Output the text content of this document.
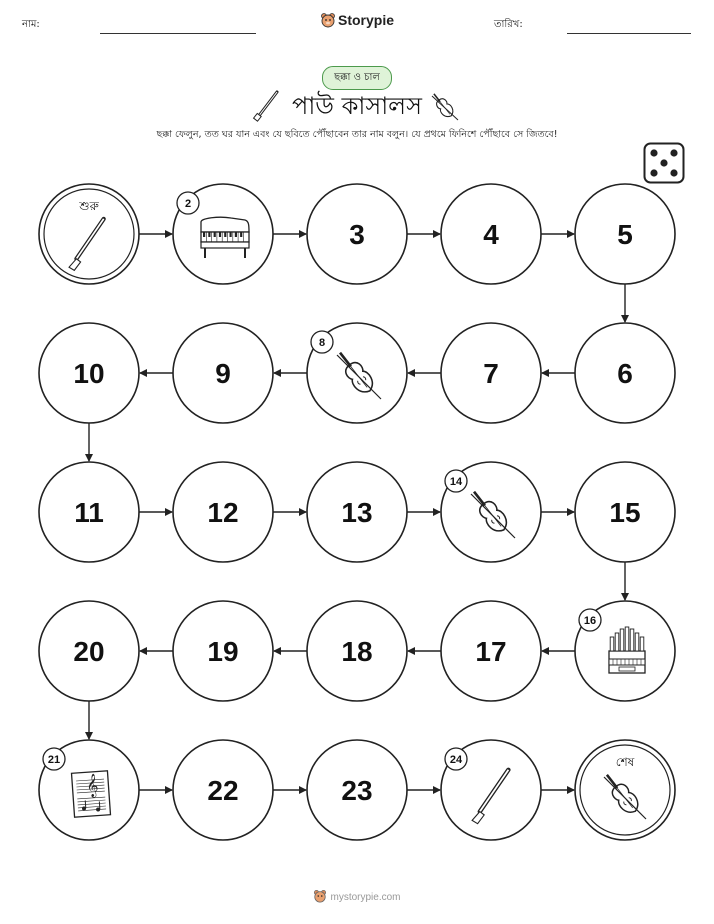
নাম:	Storypie	তারিখ:
ছক্কা ও চাল
পাউ কাসালস
ছক্কা ফেলুন, তত ঘর যান এবং যে ছবিতে পৌঁছাবেন তার নাম বলুন। যে প্রথমে ফিনিশে পৌঁছাবে সে জিতবে!
শুরু	2
3	4	5
6
7
8
9
10
11	12	13
14
15
16
17
18
19
20
𝄞
21
22	23
24	শেষ
mystorypie.com
